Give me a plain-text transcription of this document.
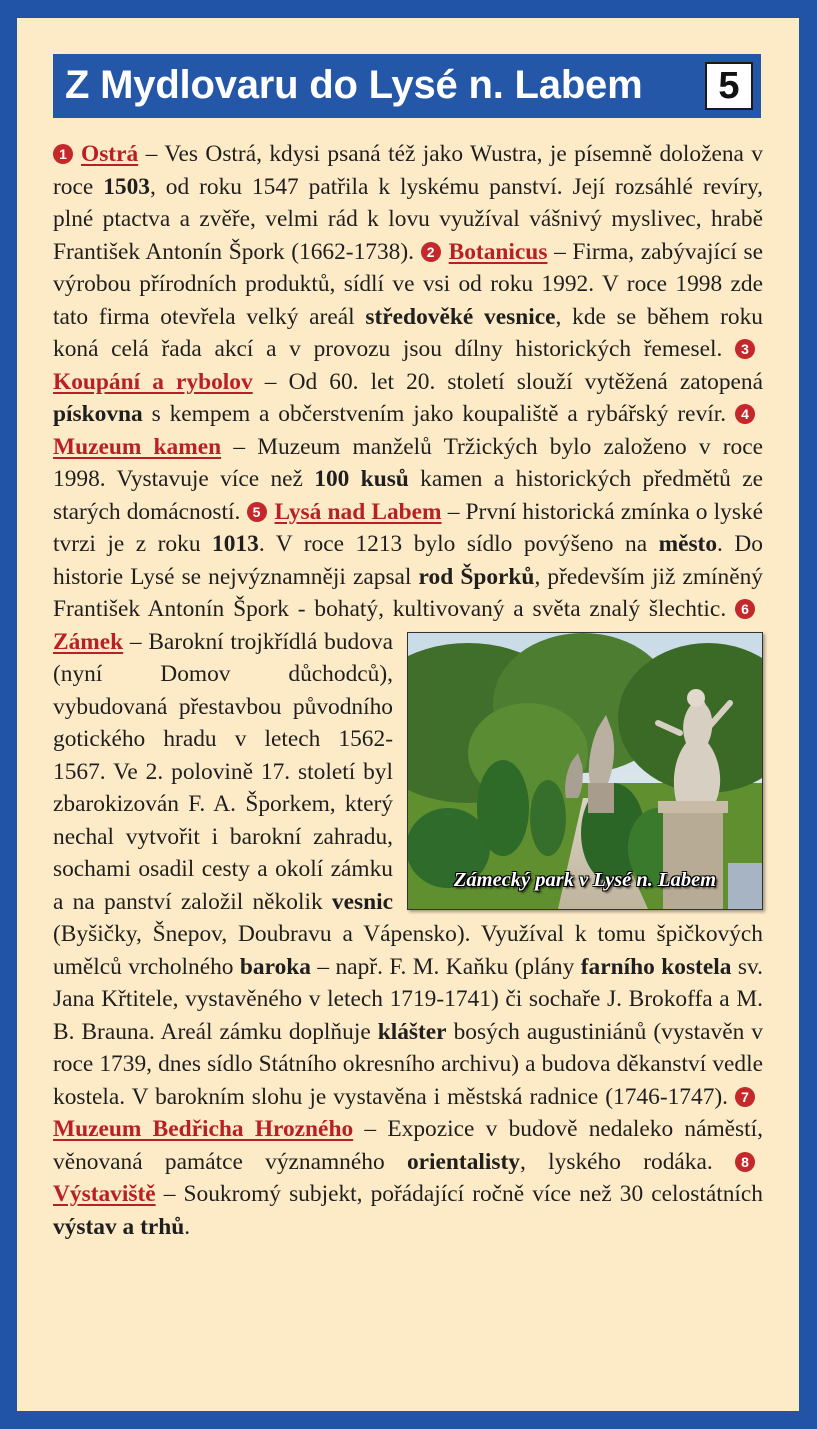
Z Mydlovaru do Lysé n. Labem	5
1 Ostrá – Ves Ostrá, kdysi psaná též jako Wustra, je písemně doložena v roce 1503, od roku 1547 patřila k lyskému panství. Její rozsáhlé revíry, plné ptactva a zvěře, velmi rád k lovu využíval vášnivý myslivec, hrabě František Antonín Špork (1662-1738). 2 Botanicus – Firma, zabývající se výrobou přírodních produktů, sídlí ve vsi od roku 1992. V roce 1998 zde tato firma otevřela velký areál středověké vesnice, kde se během roku koná celá řada akcí a v provozu jsou dílny historických řemesel. 3Koupání a rybolov – Od 60. let 20. století slouží vytěžená zatopená pískovna s kempem a občerstvením jako koupaliště a rybářský revír. 4Muzeum kamen – Muzeum manželů Tržických bylo založeno v roce 1998. Vystavuje více než 100 kusů kamen a historických předmětů ze starých domácností. 5 Lysá nad Labem – První historická zmínka o lyské tvrzi je z roku 1013. V roce 1213 bylo sídlo povýšeno na město. Do historie Lysé se nejvýznamněji zapsal rod Šporků, především již zmíněný František Antonín Špork - bohatý, kultivovaný a světa znalý šlechtic. 6Zámek
Zámecký park v Lysé n. Labem
– Barokní trojkřídlá budova (nyní Domov důchodců), vybudovaná přestavbou původního gotického hradu v letech 1562-1567. Ve 2. polovině 17. století byl zbarokizován F. A. Šporkem, který nechal vytvořit i barokní zahradu, sochami osadil cesty a okolí zámku a na panství založil několik vesnic (Byšičky, Šnepov, Doubravu a Vápensko). Využíval k tomu špičkových umělců vrcholného baroka – např. F. M. Kaňku (plány farního kostela sv. Jana Křtitele, vystavěného v letech 1719-1741) či sochaře J. Brokoffa a M. B. Brauna. Areál zámku doplňuje klášter bosých augustiniánů (vystavěn v roce 1739, dnes sídlo Státního okresního archivu) a budova děkanství vedle kostela. V barokním slohu je vystavěna i městská radnice (1746-1747). 7Muzeum Bedřicha Hrozného – Expozice v budově nedaleko náměstí, věnovaná památce významného orientalisty, lyského rodáka. 8Výstaviště – Soukromý subjekt, pořádající ročně více než 30 celostátních výstav a trhů.
